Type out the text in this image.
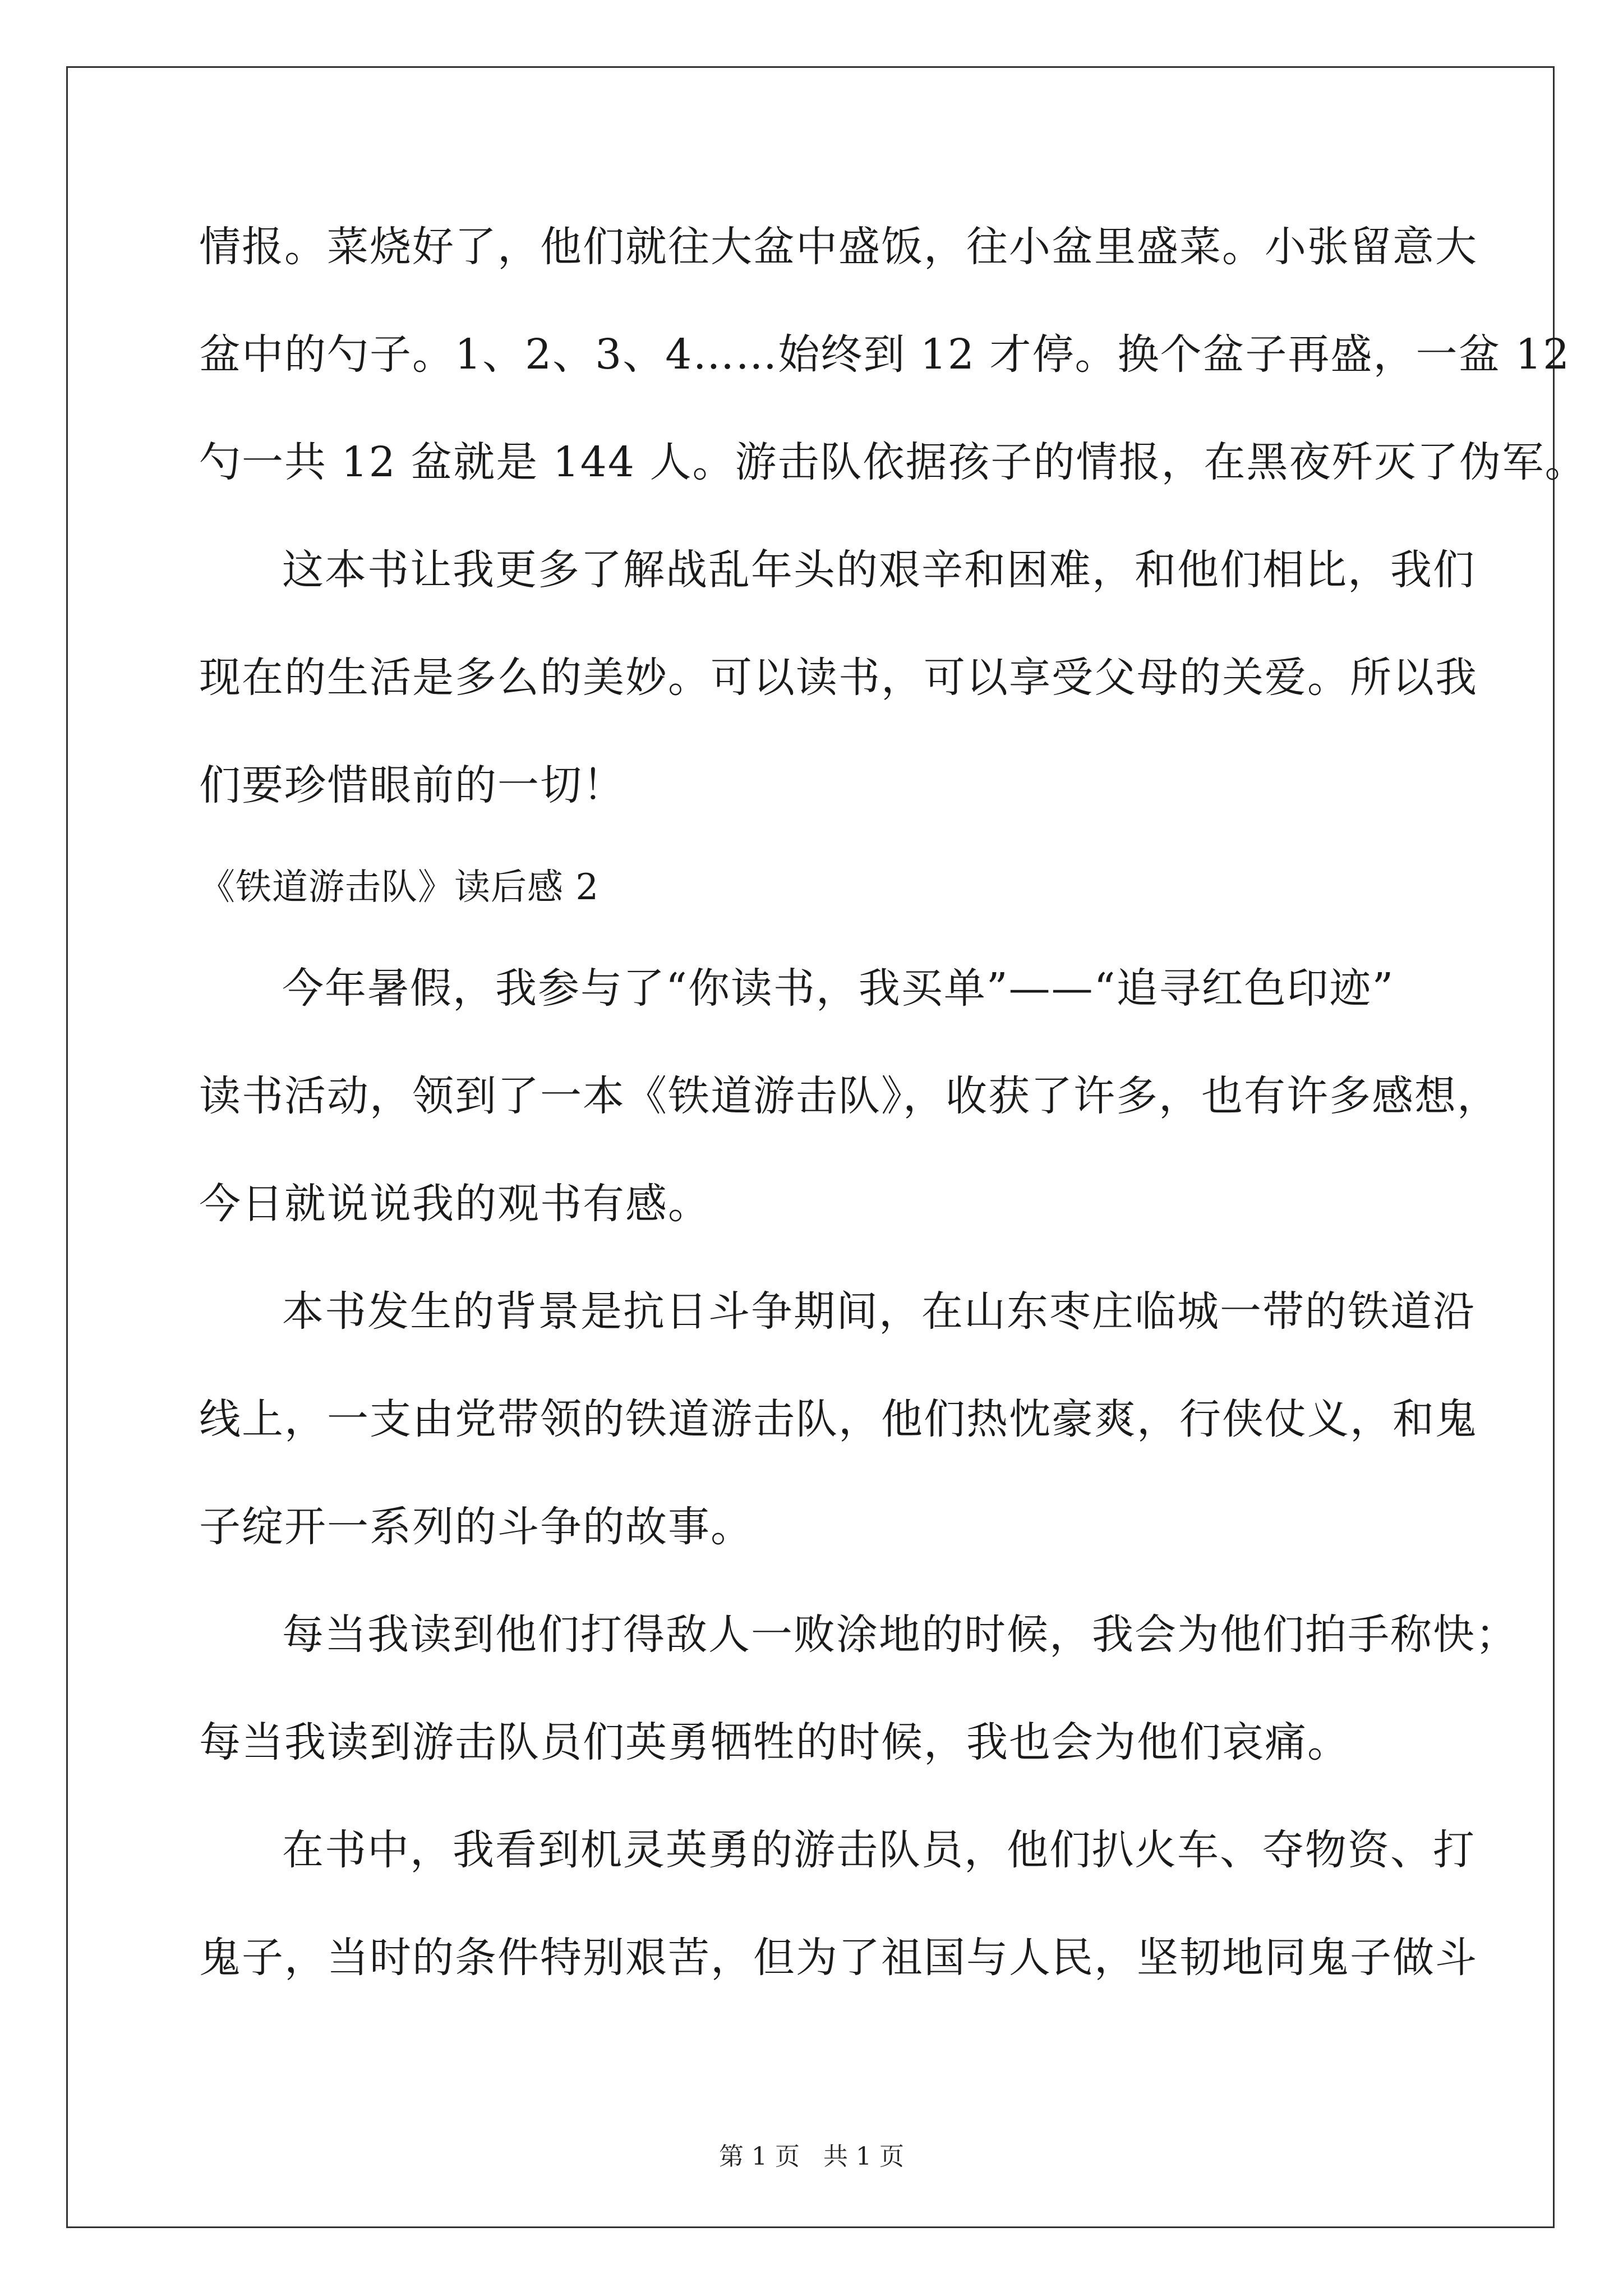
情报。菜烧好了，他们就往大盆中盛饭，往小盆里盛菜。小张留意大
盆中的勺子。1、2、3、4……始终到 12 才停。换个盆子再盛，一盆 12
勺一共 12 盆就是 144 人。游击队依据孩子的情报，在黑夜歼灭了伪军。
这本书让我更多了解战乱年头的艰辛和困难，和他们相比，我们
现在的生活是多么的美妙。可以读书，可以享受父母的关爱。所以我
们要珍惜眼前的一切！
《铁道游击队》读后感 2
今年暑假，我参与了“你读书，我买单”——“追寻红色印迹”
读书活动，领到了一本《铁道游击队》，收获了许多，也有许多感想，
今日就说说我的观书有感。
本书发生的背景是抗日斗争期间，在山东枣庄临城一带的铁道沿
线上，一支由党带领的铁道游击队，他们热忱豪爽，行侠仗义，和鬼
子绽开一系列的斗争的故事。
每当我读到他们打得敌人一败涂地的时候，我会为他们拍手称快；
每当我读到游击队员们英勇牺牲的时候，我也会为他们哀痛。
在书中，我看到机灵英勇的游击队员，他们扒火车、夺物资、打
鬼子，当时的条件特别艰苦，但为了祖国与人民，坚韧地同鬼子做斗
第 1 页   共 1 页
